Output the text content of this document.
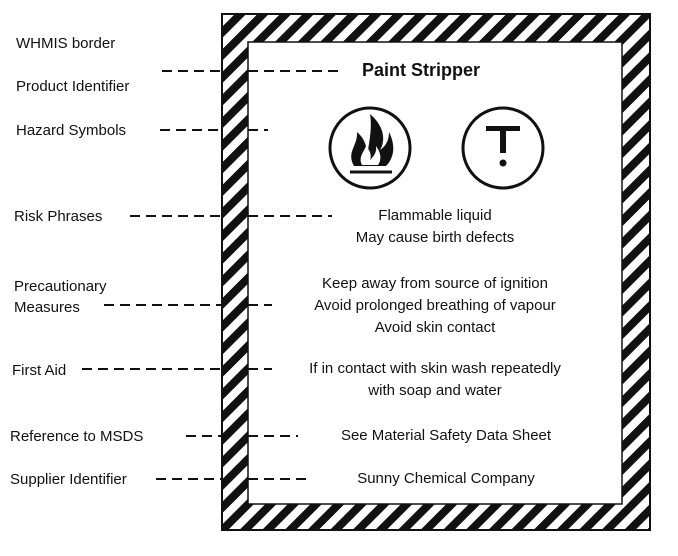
WHMIS border
Product Identifier
Hazard Symbols
Risk Phrases
Precautionary
Measures
First Aid
Reference to MSDS
Supplier Identifier
Paint Stripper
Flammable liquid
May cause birth defects
Keep away from source of ignition
Avoid prolonged breathing of vapour
Avoid skin contact
If in contact with skin wash repeatedly
with soap and water
See Material Safety Data Sheet
Sunny Chemical Company
